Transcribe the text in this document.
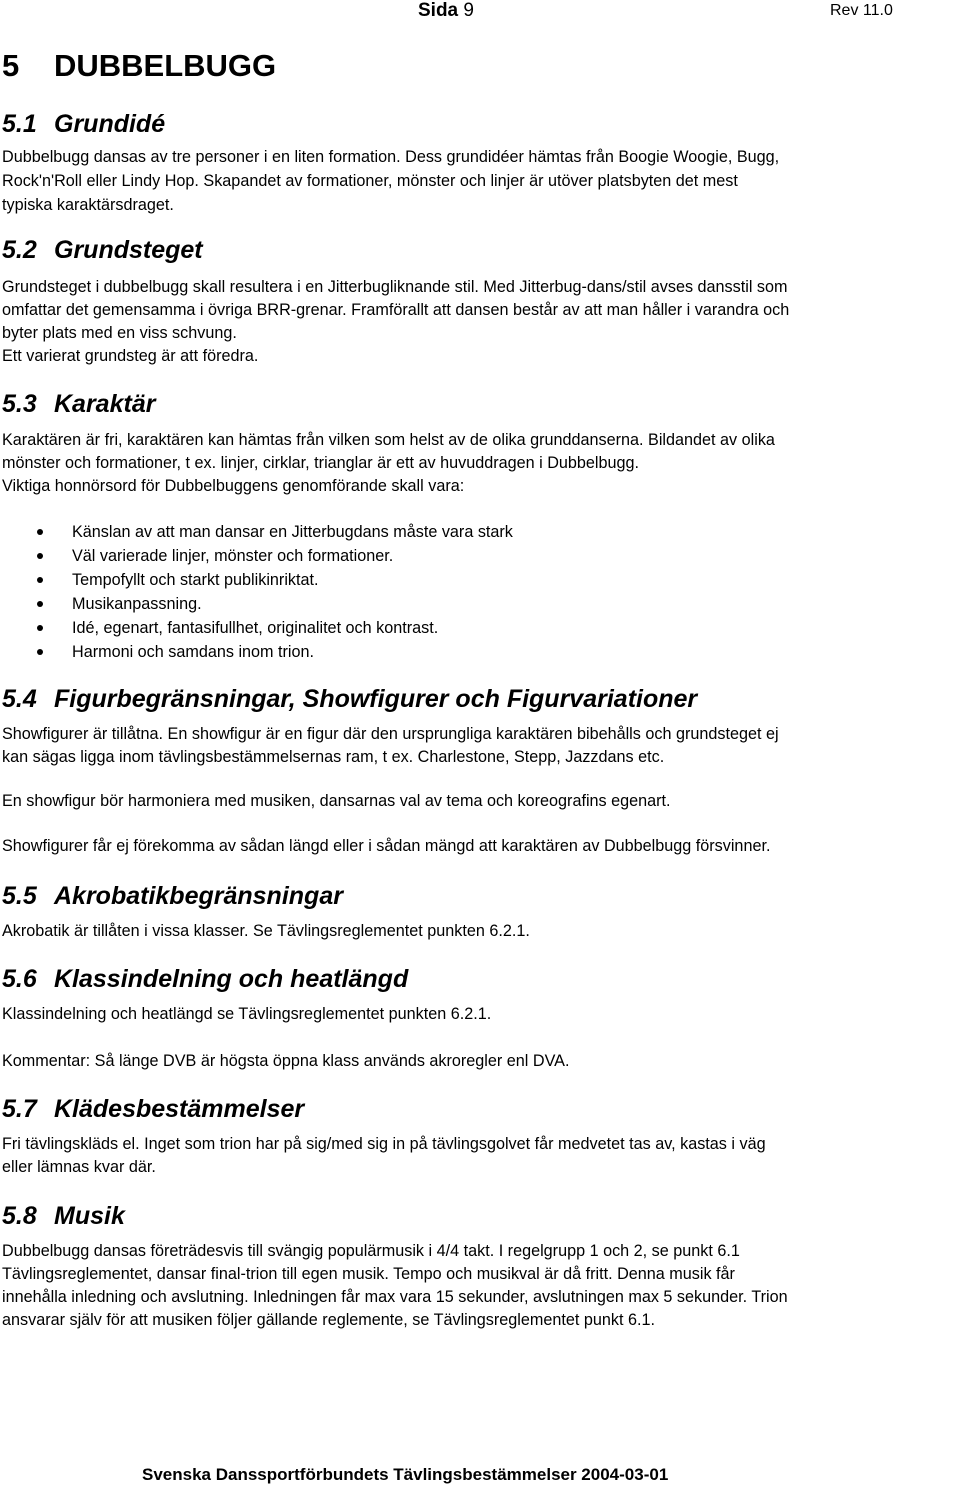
Sida 9	Rev 11.0
5 DUBBELBUGG
5.1 Grundidé

Dubbelbugg dansas av tre personer i en liten formation. Dess grundidéer hämtas från Boogie Woogie, Bugg,

Rock'n'Roll eller Lindy Hop. Skapandet av formationer, mönster och linjer är utöver platsbyten det mest

typiska karaktärsdraget.

5.2 Grundsteget

Grundsteget i dubbelbugg skall resultera i en Jitterbugliknande stil. Med Jitterbug-dans/stil avses dansstil som

omfattar det gemensamma i övriga BRR-grenar. Framförallt att dansen består av att man håller i varandra och

byter plats med en viss schvung.

Ett varierat grundsteg är att föredra.

5.3 Karaktär

Karaktären är fri, karaktären kan hämtas från vilken som helst av de olika grunddanserna. Bildandet av olika

mönster och formationer, t ex. linjer, cirklar, trianglar är ett av huvuddragen i Dubbelbugg.

Viktiga honnörsord för Dubbelbuggens genomförande skall vara:

Känslan av att man dansar en Jitterbugdans måste vara stark
Väl varierade linjer, mönster och formationer.
Tempofyllt och starkt publikinriktat.
Musikanpassning.
Idé, egenart, fantasifullhet, originalitet och kontrast.
Harmoni och samdans inom trion.
5.4 Figurbegränsningar, Showfigurer och Figurvariationer

Showfigurer är tillåtna. En showfigur är en figur där den ursprungliga karaktären bibehålls och grundsteget ej

kan sägas ligga inom tävlingsbestämmelsernas ram, t ex. Charlestone, Stepp, Jazzdans etc.

En showfigur bör harmoniera med musiken, dansarnas val av tema och koreografins egenart.

Showfigurer får ej förekomma av sådan längd eller i sådan mängd att karaktären av Dubbelbugg försvinner.

5.5 Akrobatikbegränsningar

Akrobatik är tillåten i vissa klasser. Se Tävlingsreglementet punkten 6.2.1.

5.6 Klassindelning och heatlängd

Klassindelning och heatlängd se Tävlingsreglementet punkten 6.2.1.

Kommentar: Så länge DVB är högsta öppna klass används akroregler enl DVA.

5.7 Klädesbestämmelser

Fri tävlingskläds el. Inget som trion har på sig/med sig in på tävlingsgolvet får medvetet tas av, kastas i väg

eller lämnas kvar där.

5.8 Musik

Dubbelbugg dansas företrädesvis till svängig populärmusik i 4/4 takt. I regelgrupp 1 och 2, se punkt 6.1

Tävlingsreglementet, dansar final-trion till egen musik. Tempo och musikval är då fritt. Denna musik får

innehålla inledning och avslutning. Inledningen får max vara 15 sekunder, avslutningen max 5 sekunder. Trion

ansvarar själv för att musiken följer gällande reglemente, se Tävlingsreglementet punkt 6.1.

Svenska Danssportförbundets Tävlingsbestämmelser 2004-03-01
